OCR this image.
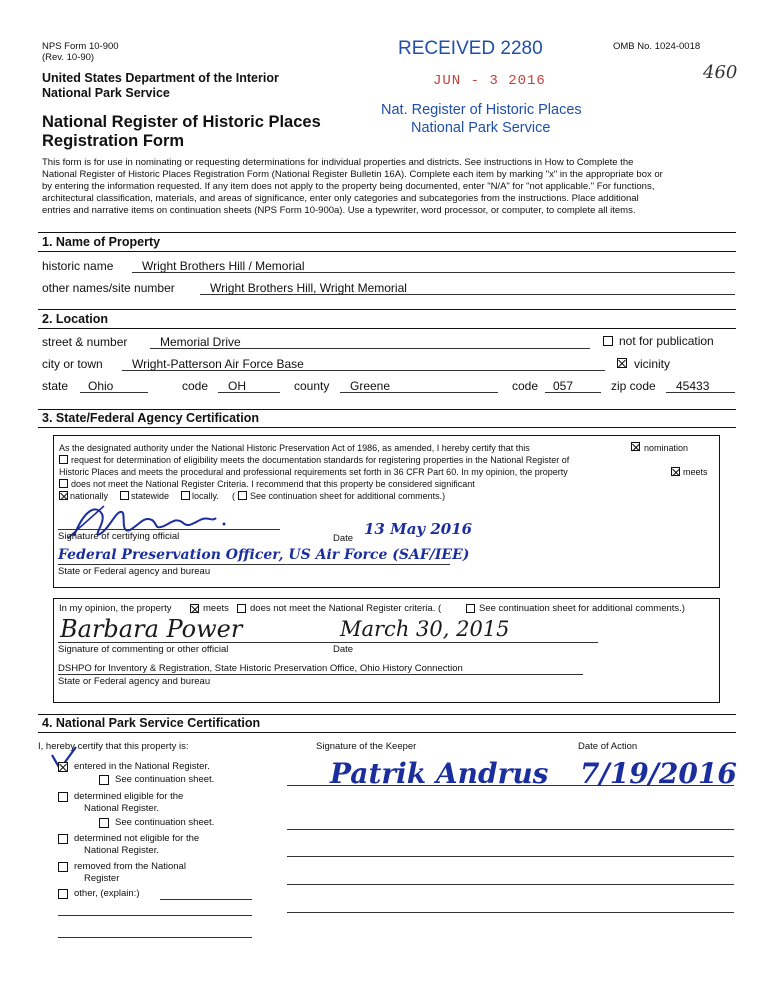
NPS Form 10-900
(Rev. 10-90)
OMB No. 1024-0018
United States Department of the Interior
National Park Service
National Register of Historic Places
Registration Form
460
RECEIVED 2280
JUN - 3 2016
Nat. Register of Historic Places
National Park Service
This form is for use in nominating or requesting determinations for individual properties and districts. See instructions in How to Complete the
National Register of Historic Places Registration Form (National Register Bulletin 16A). Complete each item by marking "x" in the appropriate box or
by entering the information requested. If any item does not apply to the property being documented, enter "N/A" for "not applicable." For functions,
architectural classification, materials, and areas of significance, enter only categories and subcategories from the instructions. Place additional
entries and narrative items on continuation sheets (NPS Form 10-900a). Use a typewriter, word processor, or computer, to complete all items.
1. Name of Property
historic name Wright Brothers Hill / Memorial
other names/site number	Wright Brothers Hill, Wright Memorial
2. Location
street & number	Memorial Drive	not for publication
city or town Wright-Patterson Air Force Base	vicinity
state Ohio	code OH	county Greene	code 057	zip code 45433
3. State/Federal Agency Certification
As the designated authority under the National Historic Preservation Act of 1986, as amended, I hereby certify that this	nomination
request for determination of eligibility meets the documentation standards for registering properties in the National Register of
Historic Places and meets the procedural and professional requirements set forth in 36 CFR Part 60. In my opinion, the property	meets
does not meet the National Register Criteria. I recommend that this property be considered significant
nationally	statewide	locally. ( See continuation sheet for additional comments.)
Signature of certifying official	Date
13 May 2016
Federal Preservation Officer, US Air Force (SAF/IEE)
State or Federal agency and bureau
In my opinion, the property	meets does not meet the National Register criteria. (	See continuation sheet for additional comments.)
Barbara Power	March 30, 2015
Signature of commenting or other official	Date
DSHPO for Inventory & Registration, State Historic Preservation Office, Ohio History Connection
State or Federal agency and bureau
4. National Park Service Certification
I, hereby certify that this property is:	Signature of the Keeper	Date of Action
entered in the National Register.
See continuation sheet.
determined eligible for the
National Register.
See continuation sheet.
determined not eligible for the
National Register.
removed from the National
Register
other, (explain:)
Patrik Andrus 7/19/2016
